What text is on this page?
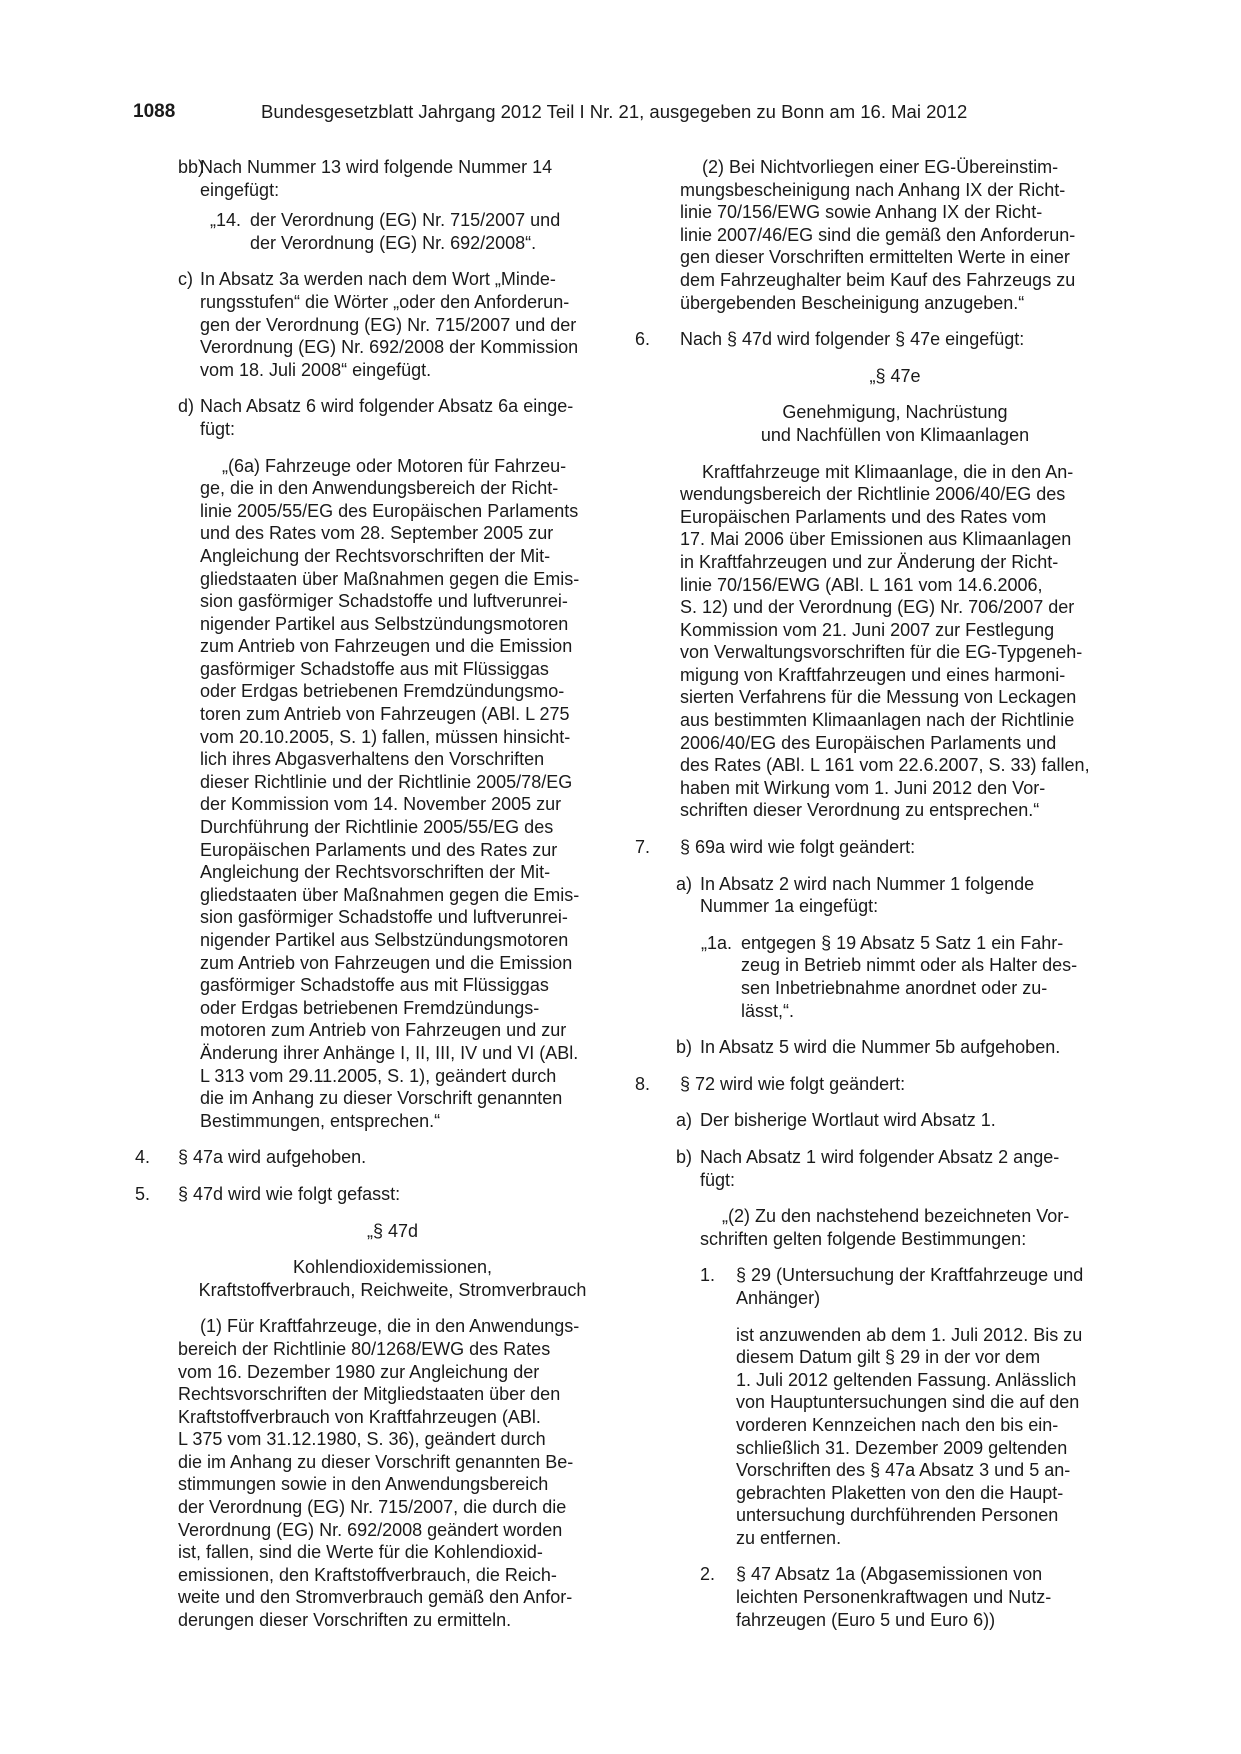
1088	Bundesgesetzblatt Jahrgang 2012 Teil I Nr. 21, ausgegeben zu Bonn am 16. Mai 2012
bb)

Nach Nummer 13 wird folgende Nummer 14
eingefügt:

„14. der Verordnung (EG) Nr. 715/2007 und
der Verordnung (EG) Nr. 692/2008“.

c) In Absatz 3a werden nach dem Wort „Minde-
rungsstufen“ die Wörter „oder den Anforderun-
gen der Verordnung (EG) Nr. 715/2007 und der
Verordnung (EG) Nr. 692/2008 der Kommission
vom 18. Juli 2008“ eingefügt.

d) Nach Absatz 6 wird folgender Absatz 6a einge-
fügt:

„(6a) Fahrzeuge oder Motoren für Fahrzeu-
ge, die in den Anwendungsbereich der Richt-
linie 2005/55/EG des Europäischen Parlaments
und des Rates vom 28. September 2005 zur
Angleichung der Rechtsvorschriften der Mit-
gliedstaaten über Maßnahmen gegen die Emis-
sion gasförmiger Schadstoffe und luftverunrei-
nigender Partikel aus Selbstzündungsmotoren
zum Antrieb von Fahrzeugen und die Emission
gasförmiger Schadstoffe aus mit Flüssiggas
oder Erdgas betriebenen Fremdzündungsmo-
toren zum Antrieb von Fahrzeugen (ABl. L 275
vom 20.10.2005, S. 1) fallen, müssen hinsicht-
lich ihres Abgasverhaltens den Vorschriften
dieser Richtlinie und der Richtlinie 2005/78/EG
der Kommission vom 14. November 2005 zur
Durchführung der Richtlinie 2005/55/EG des
Europäischen Parlaments und des Rates zur
Angleichung der Rechtsvorschriften der Mit-
gliedstaaten über Maßnahmen gegen die Emis-
sion gasförmiger Schadstoffe und luftverunrei-
nigender Partikel aus Selbstzündungsmotoren
zum Antrieb von Fahrzeugen und die Emission
gasförmiger Schadstoffe aus mit Flüssiggas
oder Erdgas betriebenen Fremdzündungs-
motoren zum Antrieb von Fahrzeugen und zur
Änderung ihrer Anhänge I, II, III, IV und VI (ABl.
L 313 vom 29.11.2005, S. 1), geändert durch
die im Anhang zu dieser Vorschrift genannten
Bestimmungen, entsprechen.“

4. § 47a wird aufgehoben.

5. § 47d wird wie folgt gefasst:

„§ 47d

Kohlendioxidemissionen,
Kraftstoffverbrauch, Reichweite, Stromverbrauch

(1) Für Kraftfahrzeuge, die in den Anwendungs-
bereich der Richtlinie 80/1268/EWG des Rates
vom 16. Dezember 1980 zur Angleichung der
Rechtsvorschriften der Mitgliedstaaten über den
Kraftstoffverbrauch von Kraftfahrzeugen (ABl.
L 375 vom 31.12.1980, S. 36), geändert durch
die im Anhang zu dieser Vorschrift genannten Be-
stimmungen sowie in den Anwendungsbereich
der Verordnung (EG) Nr. 715/2007, die durch die
Verordnung (EG) Nr. 692/2008 geändert worden
ist, fallen, sind die Werte für die Kohlendioxid-
emissionen, den Kraftstoffverbrauch, die Reich-
weite und den Stromverbrauch gemäß den Anfor-
derungen dieser Vorschriften zu ermitteln.

(2) Bei Nichtvorliegen einer EG-Übereinstim-
mungsbescheinigung nach Anhang IX der Richt-
linie 70/156/EWG sowie Anhang IX der Richt-
linie 2007/46/EG sind die gemäß den Anforderun-
gen dieser Vorschriften ermittelten Werte in einer
dem Fahrzeughalter beim Kauf des Fahrzeugs zu
übergebenden Bescheinigung anzugeben.“

6. Nach § 47d wird folgender § 47e eingefügt:

„§ 47e

Genehmigung, Nachrüstung
und Nachfüllen von Klimaanlagen

Kraftfahrzeuge mit Klimaanlage, die in den An-
wendungsbereich der Richtlinie 2006/40/EG des
Europäischen Parlaments und des Rates vom
17. Mai 2006 über Emissionen aus Klimaanlagen
in Kraftfahrzeugen und zur Änderung der Richt-
linie 70/156/EWG (ABl. L 161 vom 14.6.2006,
S. 12) und der Verordnung (EG) Nr. 706/2007 der
Kommission vom 21. Juni 2007 zur Festlegung
von Verwaltungsvorschriften für die EG-Typgeneh-
migung von Kraftfahrzeugen und eines harmoni-
sierten Verfahrens für die Messung von Leckagen
aus bestimmten Klimaanlagen nach der Richtlinie
2006/40/EG des Europäischen Parlaments und
des Rates (ABl. L 161 vom 22.6.2007, S. 33) fallen,
haben mit Wirkung vom 1. Juni 2012 den Vor-
schriften dieser Verordnung zu entsprechen.“

7. § 69a wird wie folgt geändert:

a) In Absatz 2 wird nach Nummer 1 folgende
Nummer 1a eingefügt:

„1a. entgegen § 19 Absatz 5 Satz 1 ein Fahr-
zeug in Betrieb nimmt oder als Halter des-
sen Inbetriebnahme anordnet oder zu-
lässt,“.

b) In Absatz 5 wird die Nummer 5b aufgehoben.

8. § 72 wird wie folgt geändert:

a) Der bisherige Wortlaut wird Absatz 1.

b) Nach Absatz 1 wird folgender Absatz 2 ange-
fügt:

„(2) Zu den nachstehend bezeichneten Vor-
schriften gelten folgende Bestimmungen:

1. § 29 (Untersuchung der Kraftfahrzeuge und
Anhänger)

ist anzuwenden ab dem 1. Juli 2012. Bis zu
diesem Datum gilt § 29 in der vor dem
1. Juli 2012 geltenden Fassung. Anlässlich
von Hauptuntersuchungen sind die auf den
vorderen Kennzeichen nach den bis ein-
schließlich 31. Dezember 2009 geltenden
Vorschriften des § 47a Absatz 3 und 5 an-
gebrachten Plaketten von den die Haupt-
untersuchung durchführenden Personen
zu entfernen.

2. § 47 Absatz 1a (Abgasemissionen von
leichten Personenkraftwagen und Nutz-
fahrzeugen (Euro 5 und Euro 6))
